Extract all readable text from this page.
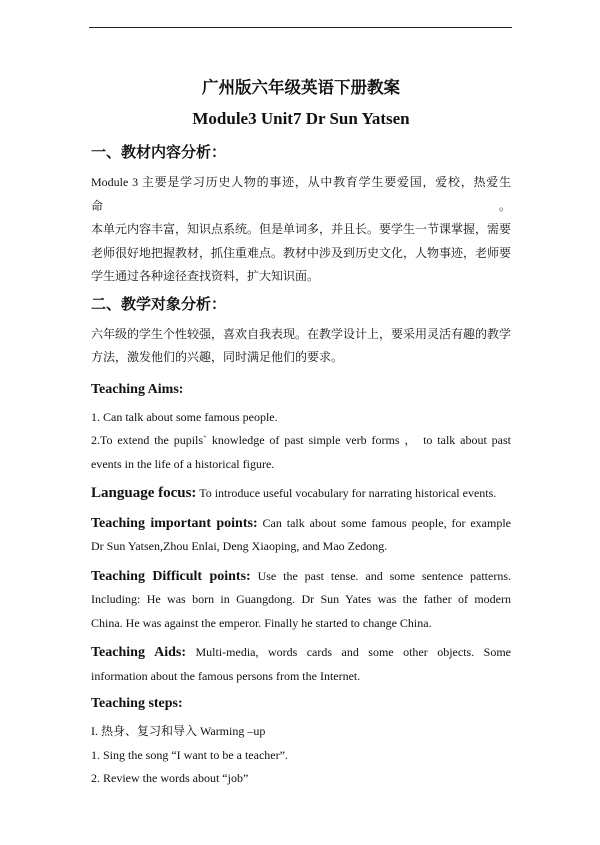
广州版六年级英语下册教案
Module3 Unit7 Dr Sun Yatsen
一、教材内容分析：
Module 3 主要是学习历史人物的事迹，从中教育学生要爱国，爱校，热爱生命。
本单元内容丰富，知识点系统。但是单词多，并且长。要学生一节课掌握，需要
老师很好地把握教材，抓住重难点。教材中涉及到历史文化，人物事迹，老师要
学生通过各种途径查找资料，扩大知识面。
二、教学对象分析：
六年级的学生个性较强，喜欢自我表现。在教学设计上，要采用灵活有趣的教学
方法，激发他们的兴趣，同时满足他们的要求。
Teaching Aims:
1. Can talk about some famous people.
2.To extend the pupils` knowledge of past simple verb forms ， to talk about past
events in the life of a historical figure.
Language focus: To introduce useful vocabulary for narrating historical events.
Teaching important points: Can talk about some famous people, for example
Dr Sun Yatsen,Zhou Enlai, Deng Xiaoping, and Mao Zedong.
Teaching Difficult points: Use the past tense. and some sentence patterns.
Including: He was born in Guangdong. Dr Sun Yates was the father of modern
China. He was against the emperor. Finally he started to change China.
Teaching Aids: Multi-media, words cards and some other objects. Some
information about the famous persons from the Internet.
Teaching steps:
I. 热身、复习和导入 Warming –up
1. Sing the song “I want to be a teacher”.
2. Review the words about “job”
